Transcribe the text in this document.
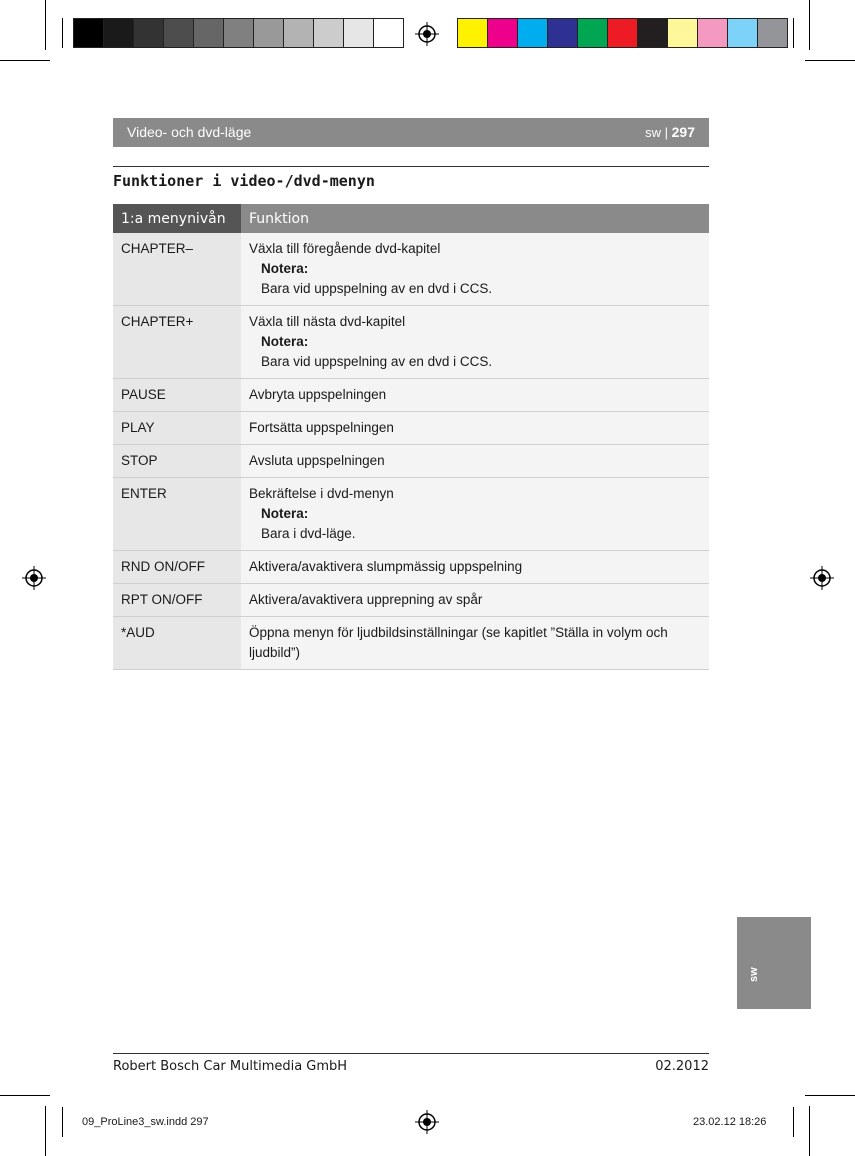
Video- och dvd-läge	sw | 297
Funktioner i video-/dvd-menyn
1:a menynivån	Funktion
CHAPTER–	Växla till föregående dvd-kapitel
Notera:
Bara vid uppspelning av en dvd i CCS.

CHAPTER+	Växla till nästa dvd-kapitel
Notera:
Bara vid uppspelning av en dvd i CCS.

PAUSE	Avbryta uppspelningen
PLAY	Fortsätta uppspelningen
STOP	Avsluta uppspelningen
ENTER	Bekräftelse i dvd-menyn
Notera:
Bara i dvd-läge.

RND ON/OFF	Aktivera/avaktivera slumpmässig uppspelning
RPT ON/OFF	Aktivera/avaktivera upprepning av spår
*AUD	Öppna menyn för ljudbildsinställningar (se kapitlet ”Ställa in volym och ljudbild”)
sw
Robert Bosch Car Multimedia GmbH	02.2012
09_ProLine3_sw.indd 297	23.02.12 18:26
